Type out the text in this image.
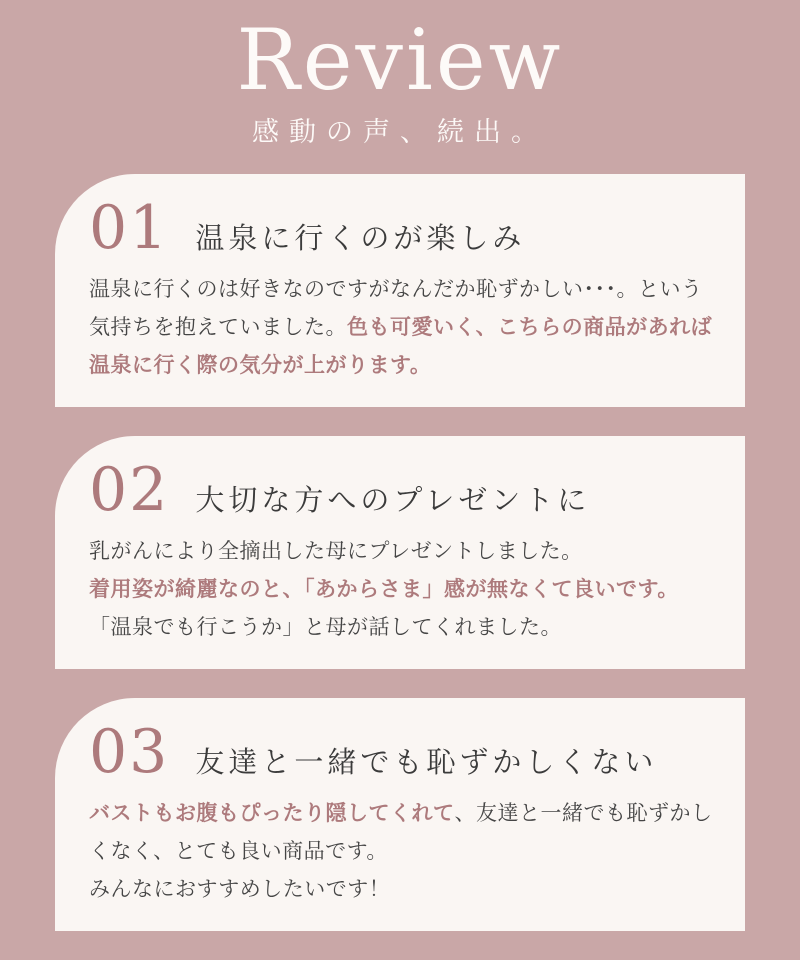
Review

感動の声、続出。

01 温泉に行くのが楽しみ

温泉に行くのは好きなのですがなんだか恥ずかしい･･･。という気持ちを抱えていました。色も可愛いく、こちらの商品があれば温泉に行く際の気分が上がります。

02 大切な方へのプレゼントに

乳がんにより全摘出した母にプレゼントしました。
着用姿が綺麗なのと、「あからさま」感が無なくて良いです。
「温泉でも行こうか」と母が話してくれました。

03 友達と一緒でも恥ずかしくない

バストもお腹もぴったり隠してくれて、友達と一緒でも恥ずかしくなく、とても良い商品です。
みんなにおすすめしたいです！
